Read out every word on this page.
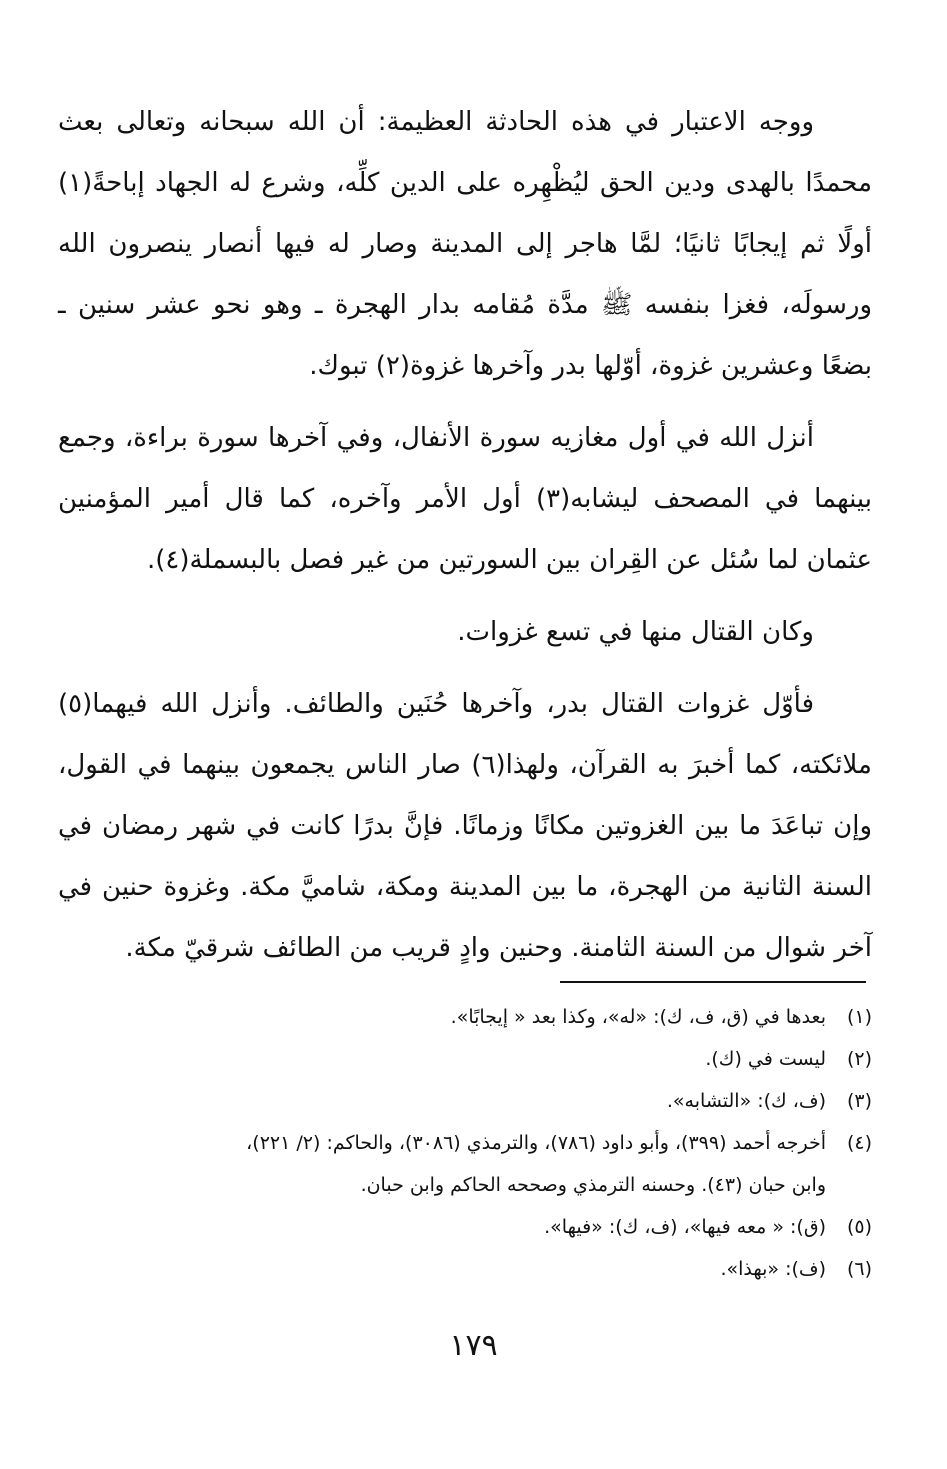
ووجه الاعتبار في هذه الحادثة العظيمة: أن الله سبحانه وتعالى بعث محمدًا بالهدى ودين الحق ليُظْهِره على الدين كلِّه، وشرع له الجهاد إباحةً(١) أولًا ثم إيجابًا ثانيًا؛ لمَّا هاجر إلى المدينة وصار له فيها أنصار ينصرون الله ورسولَه، فغزا بنفسه ﷺ مدَّة مُقامه بدار الهجرة ـ وهو نحو عشر سنين ـ بضعًا وعشرين غزوة، أوّلها بدر وآخرها غزوة(٢) تبوك.

أنزل الله في أول مغازيه سورة الأنفال، وفي آخرها سورة براءة، وجمع بينهما في المصحف ليشابه(٣) أول الأمر وآخره، كما قال أمير المؤمنين عثمان لما سُئل عن القِران بين السورتين من غير فصل بالبسملة(٤).

وكان القتال منها في تسع غزوات.

فأوّل غزوات القتال بدر، وآخرها حُنَين والطائف. وأنزل الله فيهما(٥) ملائكته، كما أخبرَ به القرآن، ولهذا(٦) صار الناس يجمعون بينهما في القول، وإن تباعَدَ ما بين الغزوتين مكانًا وزمانًا. فإنَّ بدرًا كانت في شهر رمضان في السنة الثانية من الهجرة، ما بين المدينة ومكة، شاميَّ مكة. وغزوة حنين في آخر شوال من السنة الثامنة. وحنين وادٍ قريب من الطائف شرقيّ مكة.

(١)بعدها في (ق، ف، ك): «له»، وكذا بعد « إيجابًا».
(٢)ليست في (ك).
(٣)(ف، ك): «التشابه».
(٤)أخرجه أحمد (٣٩٩)، وأبو داود (٧٨٦)، والترمذي (٣٠٨٦)، والحاكم: (٢/ ٢٢١)،
وابن حبان (٤٣). وحسنه الترمذي وصححه الحاكم وابن حبان.
(٥)(ق): « معه فيها»، (ف، ك): «فيها».
(٦)(ف): «بهذا».
١٧٩
